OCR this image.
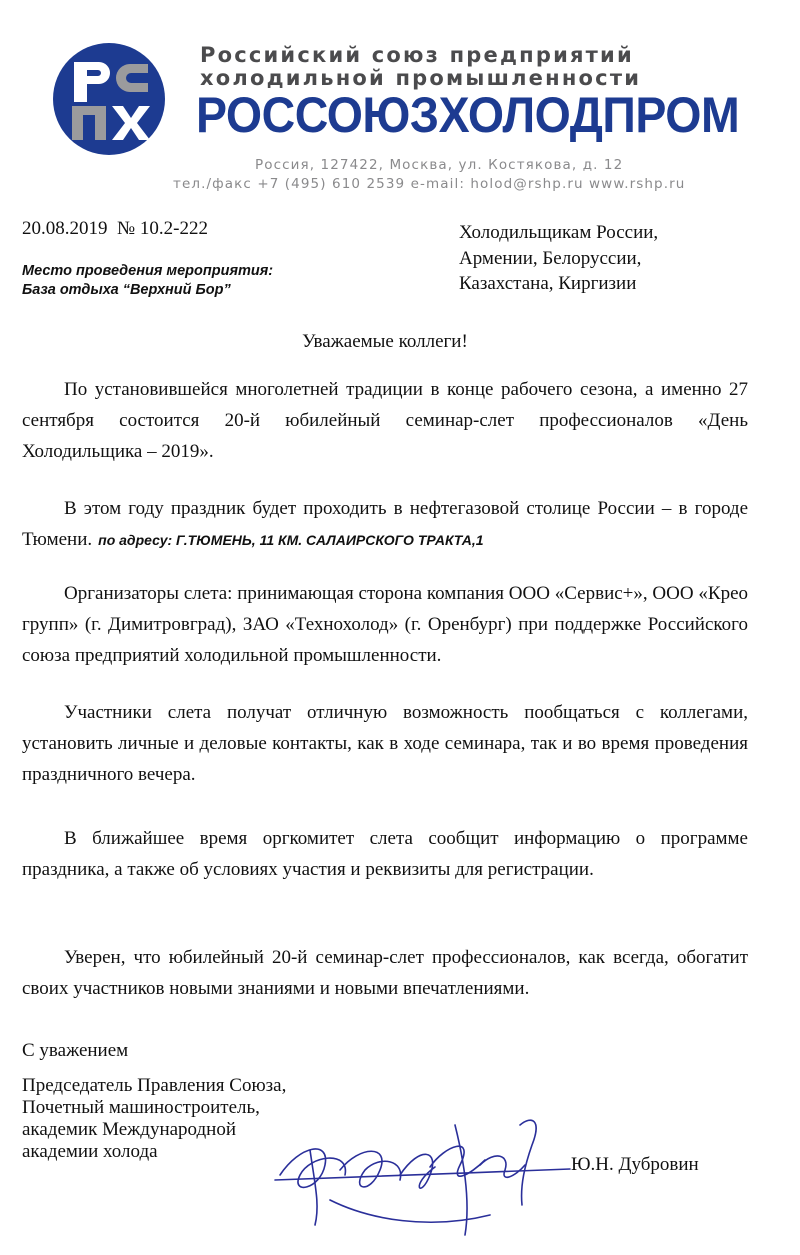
Российский союз предприятий
холодильной промышленности
РОССОЮЗХОЛОДПРОМ
Россия, 127422, Москва, ул. Костякова, д. 12
тел./факс +7 (495) 610 2539 e-mail: holod@rshp.ru www.rshp.ru
20.08.2019  № 10.2-222
Место проведения мероприятия:
База отдыха “Верхний Бор”
Холодильщикам России,
Армении, Белоруссии,
Казахстана, Киргизии
Уважаемые коллеги!

По установившейся многолетней традиции в конце рабочего сезона, а именно 27 сентября состоится 20-й юбилейный семинар-слет профессионалов «День Холодильщика – 2019».

В этом году праздник будет проходить в нефтегазовой столице России – в городе Тюмени. по адресу: Г.ТЮМЕНЬ, 11 КМ. САЛАИРСКОГО ТРАКТА,1

Организаторы слета: принимающая сторона компания ООО «Сервис+», ООО «Крео групп» (г. Димитровград), ЗАО «Технохолод» (г. Оренбург) при поддержке Российского союза предприятий холодильной промышленности.

Участники слета получат отличную возможность пообщаться с коллегами, установить личные и деловые контакты, как в ходе семинара, так и во время проведения праздничного вечера.

В ближайшее время оргкомитет слета сообщит информацию о программе праздника, а также об условиях участия и реквизиты для регистрации.

Уверен, что юбилейный 20-й семинар-слет профессионалов, как всегда, обогатит своих участников новыми знаниями и новыми впечатлениями.

С уважением
Председатель Правления Союза,
Почетный машиностроитель,
академик Международной
академии холода
Ю.Н. Дубровин
